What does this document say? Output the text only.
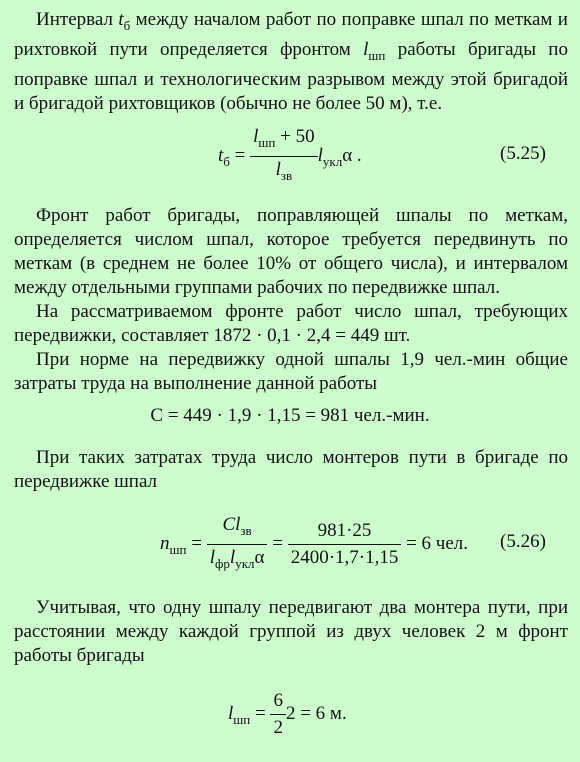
Интервал $t_б$ между началом работ по поправке шпал по меткам и рихтовкой пути определяется фронтом $l_{шп}$ работы бригады по поправке шпал и технологическим разрывом между этой бригадой и бригадой рихтовщиков (обычно не более 50 м), т.е.

$t_б = \frac{l_{шп} + 50}{l_{зв}} l_{укл}\alpha$ .	(5.25)

Фронт работ бригады, поправляющей шпалы по меткам, определяется числом шпал, которое требуется передвинуть по меткам (в среднем не более 10% от общего числа), и интервалом между отдельными группами рабочих по передвижке шпал.

На рассматриваемом фронте работ число шпал, требующих передвижки, составляет 1872 · 0,1 · 2,4 = 449 шт.

При норме на передвижку одной шпалы 1,9 чел.-мин общие затраты труда на выполнение данной работы

С = 449 · 1,9 · 1,15 = 981 чел.-мин.

При таких затратах труда число монтеров пути в бригаде по передвижке шпал

$n_{шп} = \frac{Cl_{зв}}{l_{фр}l_{укл}\alpha} = \frac{981\cdot 25}{2400\cdot 1,7\cdot 1,15} = 6$ чел. (5.26)

Учитывая, что одну шпалу передвигают два монтера пути, при расстоянии между каждой группой из двух человек 2 м фронт работы бригады

$l_{шп} = \frac{6}{2} 2 = 6$ м.
